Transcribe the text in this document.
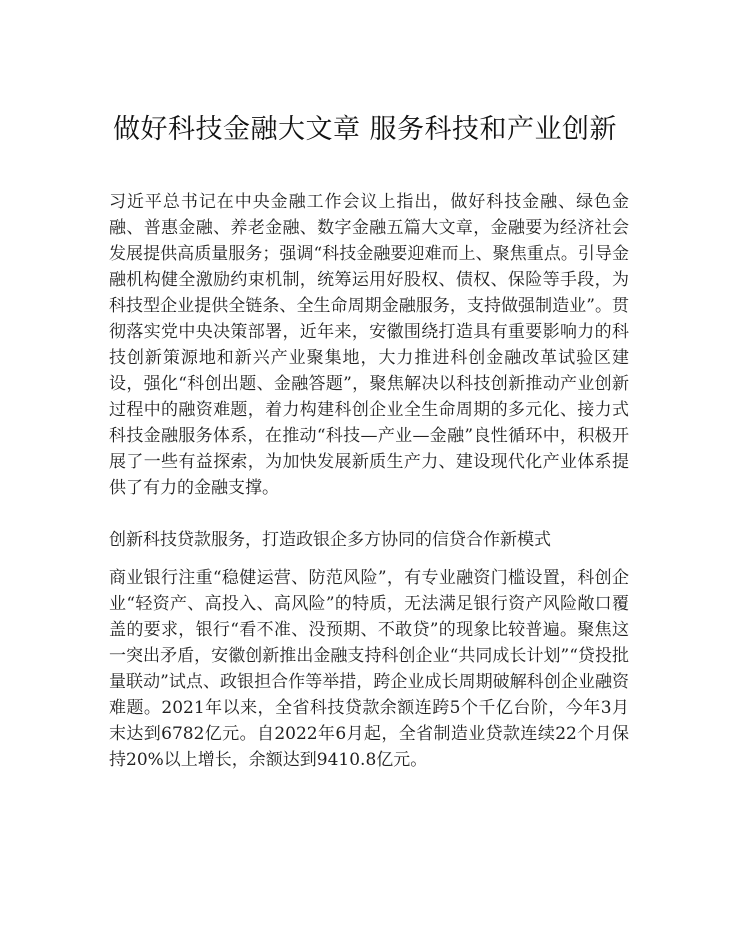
做好科技金融大文章 服务科技和产业创新

习近平总书记在中央金融工作会议上指出，做好科技金融、绿色金融、普惠金融、养老金融、数字金融五篇大文章，金融要为经济社会发展提供高质量服务；强调“科技金融要迎难而上、聚焦重点。引导金融机构健全激励约束机制，统筹运用好股权、债权、保险等手段，为科技型企业提供全链条、全生命周期金融服务，支持做强制造业”。贯彻落实党中央决策部署，近年来，安徽围绕打造具有重要影响力的科技创新策源地和新兴产业聚集地，大力推进科创金融改革试验区建设，强化“科创出题、金融答题”，聚焦解决以科技创新推动产业创新过程中的融资难题，着力构建科创企业全生命周期的多元化、接力式科技金融服务体系，在推动“科技—产业—金融”良性循环中，积极开展了一些有益探索，为加快发展新质生产力、建设现代化产业体系提供了有力的金融支撑。

创新科技贷款服务，打造政银企多方协同的信贷合作新模式

商业银行注重“稳健运营、防范风险”，有专业融资门槛设置，科创企业“轻资产、高投入、高风险”的特质，无法满足银行资产风险敞口覆盖的要求，银行“看不准、没预期、不敢贷”的现象比较普遍。聚焦这一突出矛盾，安徽创新推出金融支持科创企业“共同成长计划”“贷投批量联动”试点、政银担合作等举措，跨企业成长周期破解科创企业融资难题。2021年以来，全省科技贷款余额连跨5个千亿台阶，今年3月末达到6782亿元。自2022年6月起，全省制造业贷款连续22个月保持20%以上增长，余额达到9410.8亿元。
